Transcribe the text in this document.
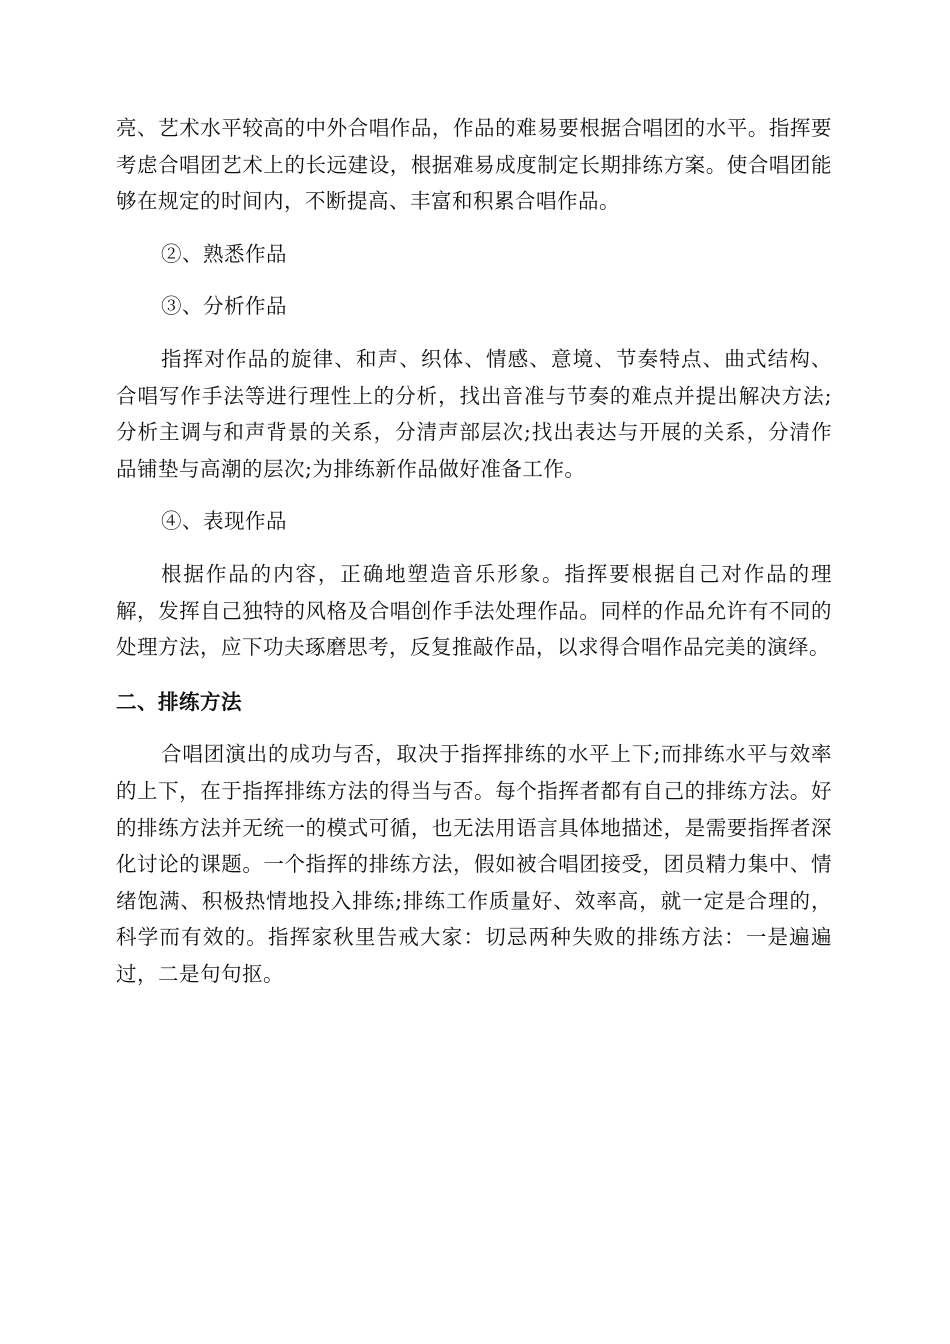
亮、艺术水平较高的中外合唱作品，作品的难易要根据合唱团的水平。指挥要考虑合唱团艺术上的长远建设，根据难易成度制定长期排练方案。使合唱团能够在规定的时间内，不断提高、丰富和积累合唱作品。

②、熟悉作品

③、分析作品

指挥对作品的旋律、和声、织体、情感、意境、节奏特点、曲式结构、合唱写作手法等进行理性上的分析，找出音准与节奏的难点并提出解决方法;分析主调与和声背景的关系，分清声部层次;找出表达与开展的关系，分清作品铺垫与高潮的层次;为排练新作品做好准备工作。

④、表现作品

根据作品的内容，正确地塑造音乐形象。指挥要根据自己对作品的理解，发挥自己独特的风格及合唱创作手法处理作品。同样的作品允许有不同的处理方法，应下功夫琢磨思考，反复推敲作品，以求得合唱作品完美的演绎。

二、排练方法

合唱团演出的成功与否，取决于指挥排练的水平上下;而排练水平与效率的上下，在于指挥排练方法的得当与否。每个指挥者都有自己的排练方法。好的排练方法并无统一的模式可循，也无法用语言具体地描述，是需要指挥者深化讨论的课题。一个指挥的排练方法，假如被合唱团接受，团员精力集中、情绪饱满、积极热情地投入排练;排练工作质量好、效率高，就一定是合理的，科学而有效的。指挥家秋里告戒大家：切忌两种失败的排练方法：一是遍遍过，二是句句抠。
